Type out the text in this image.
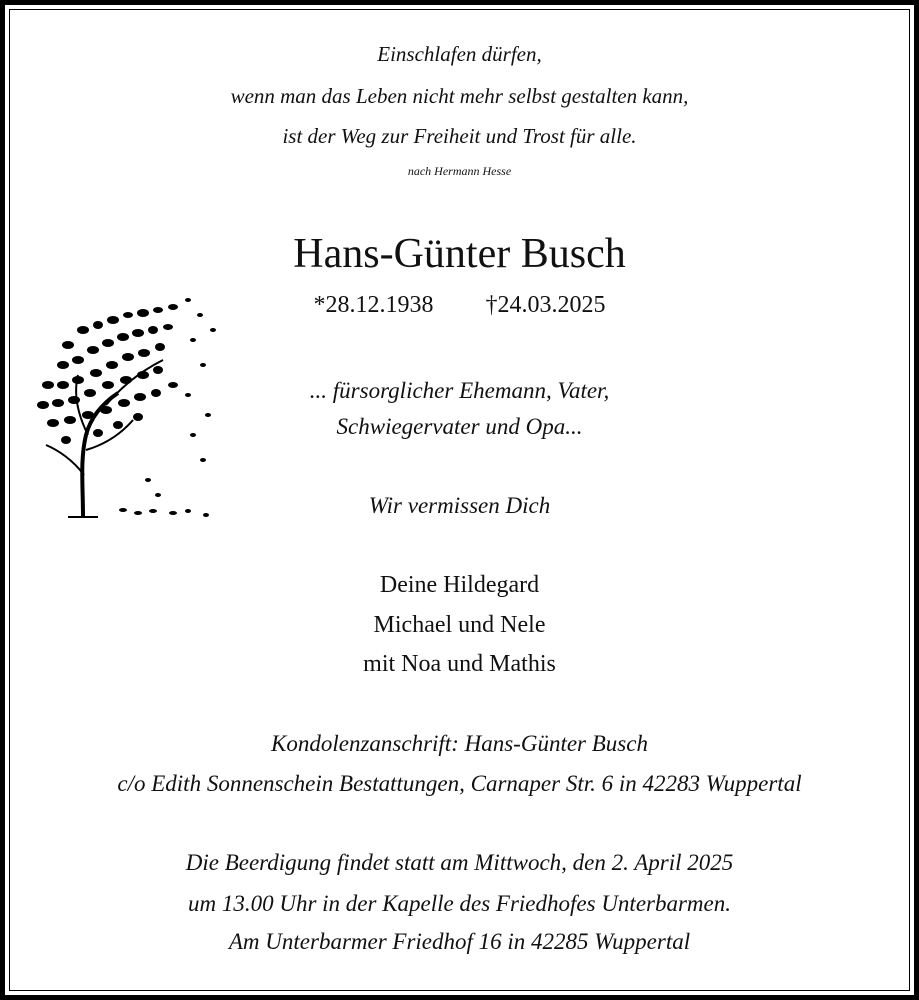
Einschlafen dürfen,
wenn man das Leben nicht mehr selbst gestalten kann,
ist der Weg zur Freiheit und Trost für alle.
nach Hermann Hesse
Hans-Günter Busch
*28.12.1938 †24.03.2025
... fürsorglicher Ehemann, Vater,
Schwiegervater und Opa...
Wir vermissen Dich
Deine Hildegard
Michael und Nele
mit Noa und Mathis
Kondolenzanschrift: Hans-Günter Busch
c/o Edith Sonnenschein Bestattungen, Carnaper Str. 6 in 42283 Wuppertal
Die Beerdigung findet statt am Mittwoch, den 2. April 2025
um 13.00 Uhr in der Kapelle des Friedhofes Unterbarmen.
Am Unterbarmer Friedhof 16 in 42285 Wuppertal
